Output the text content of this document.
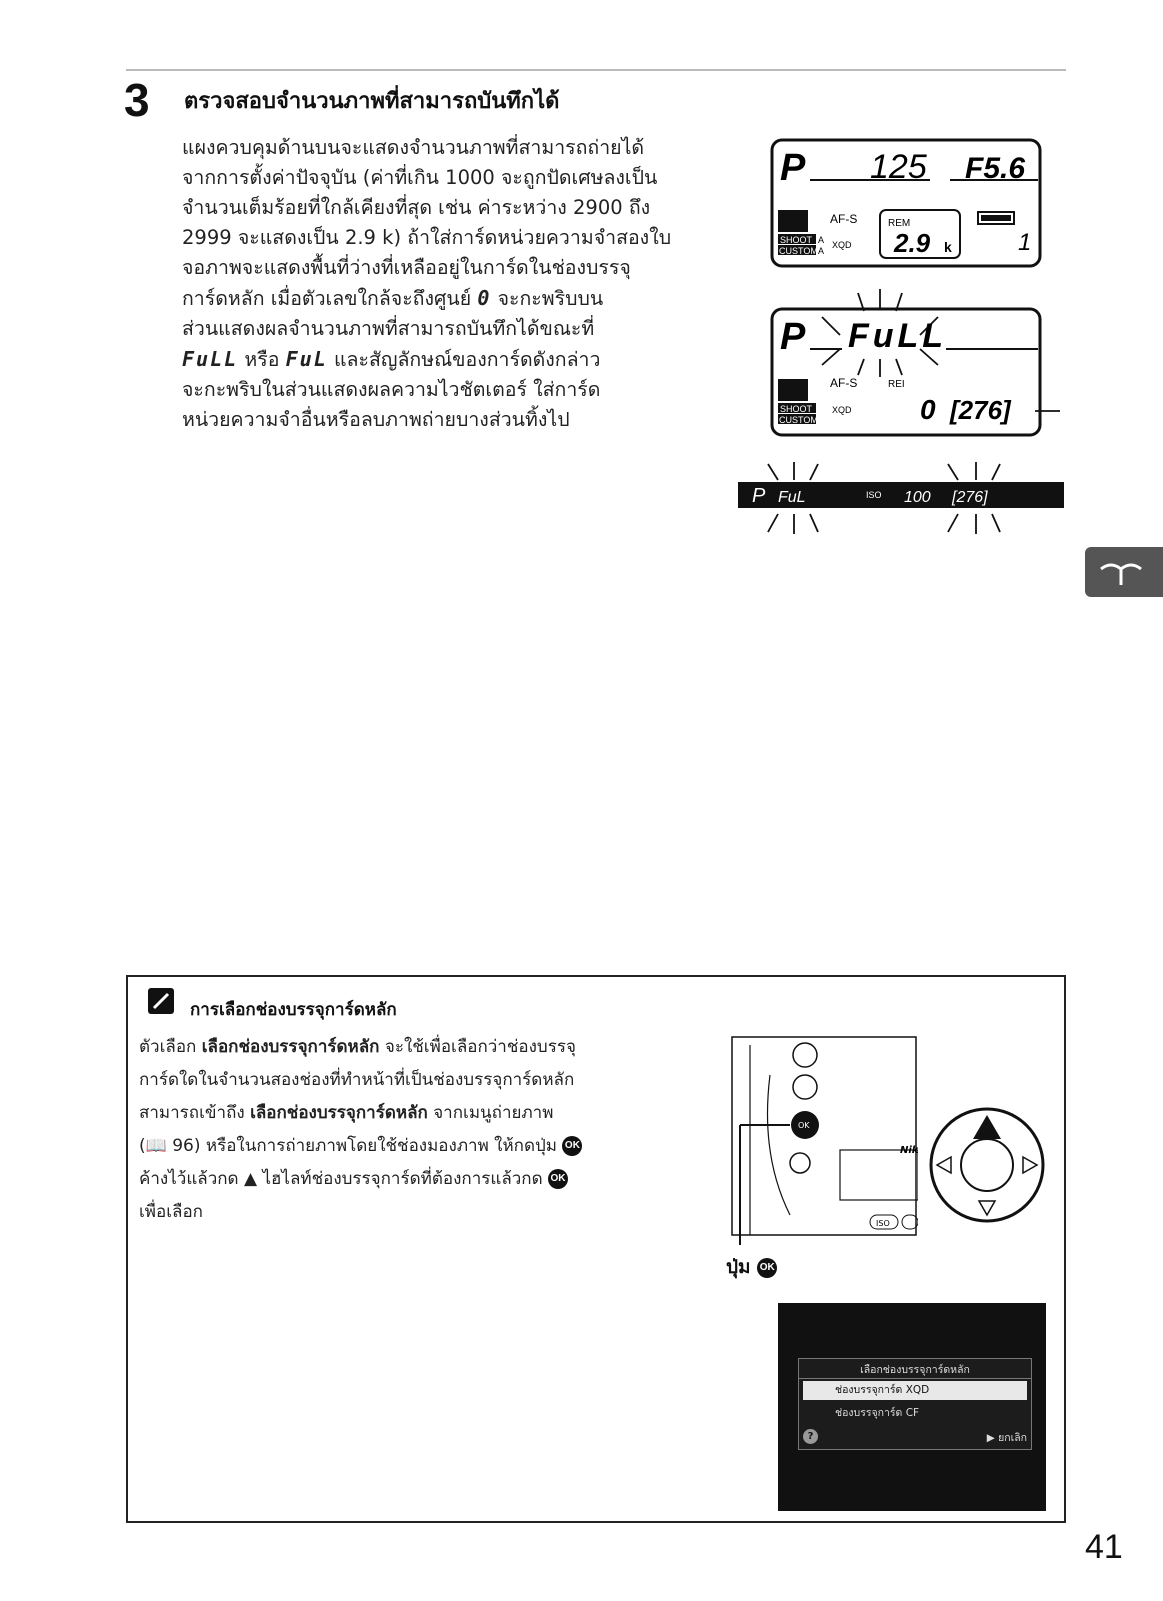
3 ตรวจสอบจำนวนภาพที่สามารถบันทึกได้
แผงควบคุมด้านบนจะแสดงจำนวนภาพที่สามารถถ่ายได้
จากการตั้งค่าปัจจุบัน (ค่าที่เกิน 1000 จะถูกปัดเศษลงเป็น
จำนวนเต็มร้อยที่ใกล้เคียงที่สุด เช่น ค่าระหว่าง 2900 ถึง
2999 จะแสดงเป็น 2.9 k) ถ้าใส่การ์ดหน่วยความจำสองใบ
จอภาพจะแสดงพื้นที่ว่างที่เหลืออยู่ในการ์ดในช่องบรรจุ
การ์ดหลัก เมื่อตัวเลขใกล้จะถึงศูนย์ 0 จะกะพริบบน
ส่วนแสดงผลจำนวนภาพที่สามารถบันทึกได้ขณะที่
FuLL หรือ FuL และสัญลักษณ์ของการ์ดดังกล่าว
จะกะพริบในส่วนแสดงผลความไวชัตเตอร์ ใส่การ์ด
หน่วยความจำอื่นหรือลบภาพถ่ายบางส่วนทิ้งไป
P 125 F5.6
AF-S
SHOOT A
CUSTOM A
XQD
REM
2.9 k	1
P FuLL
AF-S
SHOOT
CUSTOM
XQD
REI
0 [276]
P FuL	ISO 100 [276]
การเลือกช่องบรรจุการ์ดหลัก
ตัวเลือก เลือกช่องบรรจุการ์ดหลัก จะใช้เพื่อเลือกว่าช่องบรรจุ
การ์ดใดในจำนวนสองช่องที่ทำหน้าที่เป็นช่องบรรจุการ์ดหลัก
สามารถเข้าถึง เลือกช่องบรรจุการ์ดหลัก จากเมนูถ่ายภาพ
(📖 96) หรือในการถ่ายภาพโดยใช้ช่องมองภาพ ให้กดปุ่ม OK
ค้างไว้แล้วกด ▲ ไฮไลท์ช่องบรรจุการ์ดที่ต้องการแล้วกด OK
เพื่อเลือก
OK
Nik
ISO
ปุ่ม OK
เลือกช่องบรรจุการ์ดหลัก
ช่องบรรจุการ์ด XQD
ช่องบรรจุการ์ด CF
?	▶ ยกเลิก
41
